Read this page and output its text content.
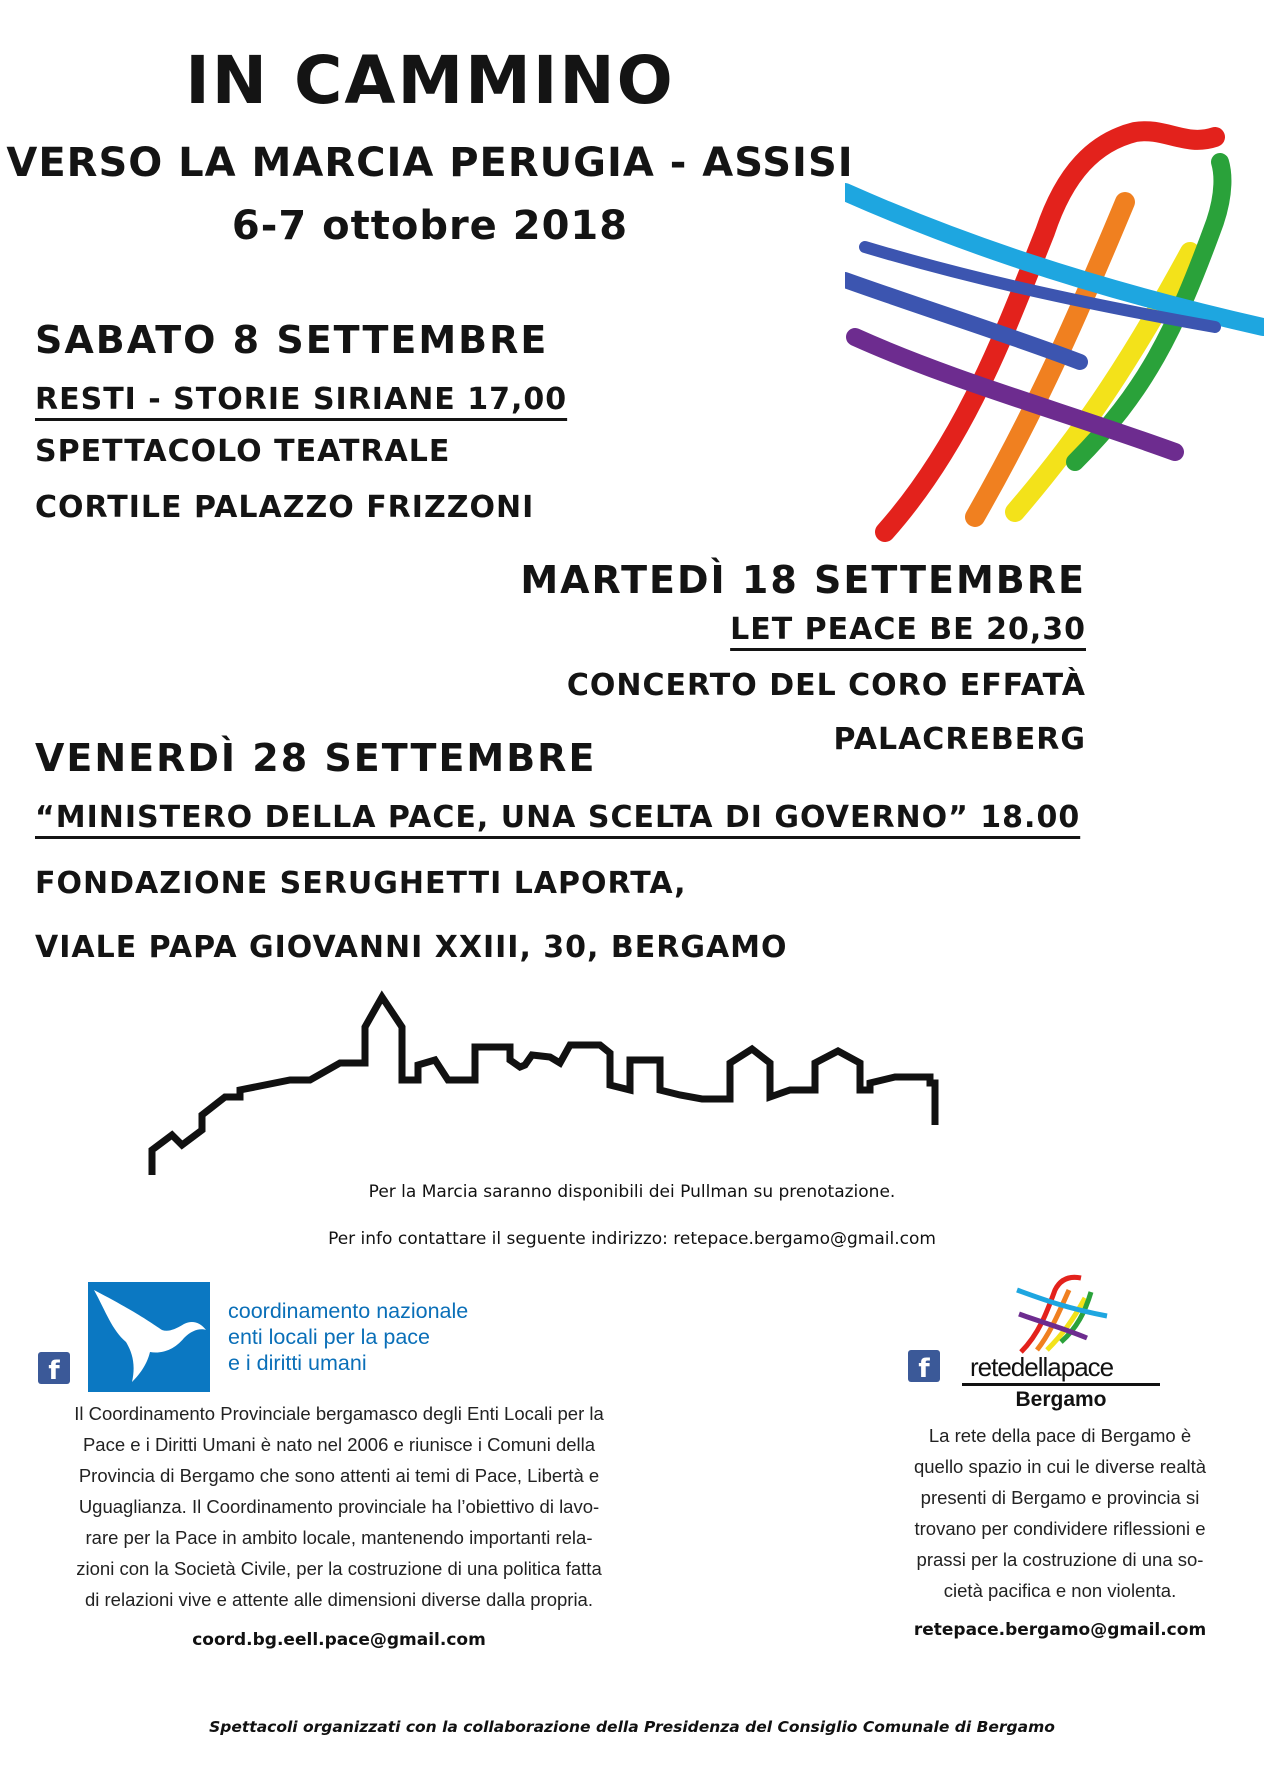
IN CAMMINO
VERSO LA MARCIA PERUGIA - ASSISI
6-7 ottobre 2018
SABATO 8 SETTEMBRE
RESTI - STORIE SIRIANE 17,00
SPETTACOLO TEATRALE
CORTILE PALAZZO FRIZZONI
MARTEDÌ 18 SETTEMBRE
LET PEACE BE 20,30
CONCERTO DEL CORO EFFATÀ
PALACREBERG
VENERDÌ 28 SETTEMBRE
“MINISTERO DELLA PACE, UNA SCELTA DI GOVERNO” 18.00
FONDAZIONE SERUGHETTI LAPORTA,
VIALE PAPA GIOVANNI XXIII, 30, BERGAMO
Per la Marcia saranno disponibili dei Pullman su prenotazione.
Per info contattare il seguente indirizzo: retepace.bergamo@gmail.com
f
coordinamento nazionale
enti locali per la pace
e i diritti umani
Il Coordinamento Provinciale bergamasco degli Enti Locali per la
Pace e i Diritti Umani è nato nel 2006 e riunisce i Comuni della
Provincia di Bergamo che sono attenti ai temi di Pace, Libertà e
Uguaglianza. Il Coordinamento provinciale ha l’obiettivo di lavo-
rare per la Pace in ambito locale, mantenendo importanti rela-
zioni con la Società Civile, per la costruzione di una politica fatta
di relazioni vive e attente alle dimensioni diverse dalla propria.
coord.bg.eell.pace@gmail.com
f	retedellapace
Bergamo
La rete della pace di Bergamo è
quello spazio in cui le diverse realtà
presenti di Bergamo e provincia si
trovano per condividere riflessioni e
prassi per la costruzione di una so-
cietà pacifica e non violenta.
retepace.bergamo@gmail.com
Spettacoli organizzati con la collaborazione della Presidenza del Consiglio Comunale di Bergamo
